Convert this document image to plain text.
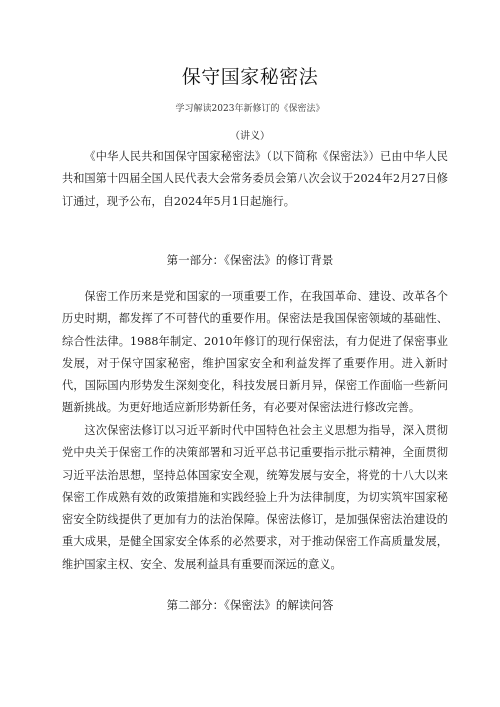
保守国家秘密法
学习解读2023年新修订的《保密法》
（讲义）

《中华人民共和国保守国家秘密法》（以下简称《保密法》）已由中华人民共和国第十四届全国人民代表大会常务委员会第八次会议于2024年2月27日修订通过，现予公布，自2024年5月1日起施行。

第一部分：《保密法》的修订背景

保密工作历来是党和国家的一项重要工作，在我国革命、建设、改革各个历史时期，都发挥了不可替代的重要作用。保密法是我国保密领域的基础性、综合性法律。1988年制定、2010年修订的现行保密法，有力促进了保密事业发展，对于保守国家秘密，维护国家安全和利益发挥了重要作用。进入新时代，国际国内形势发生深刻变化，科技发展日新月异，保密工作面临一些新问题新挑战。为更好地适应新形势新任务，有必要对保密法进行修改完善。

这次保密法修订以习近平新时代中国特色社会主义思想为指导，深入贯彻党中央关于保密工作的决策部署和习近平总书记重要指示批示精神，全面贯彻习近平法治思想，坚持总体国家安全观，统筹发展与安全，将党的十八大以来保密工作成熟有效的政策措施和实践经验上升为法律制度，为切实筑牢国家秘密安全防线提供了更加有力的法治保障。保密法修订，是加强保密法治建设的重大成果，是健全国家安全体系的必然要求，对于推动保密工作高质量发展，维护国家主权、安全、发展利益具有重要而深远的意义。

第二部分：《保密法》的解读问答
